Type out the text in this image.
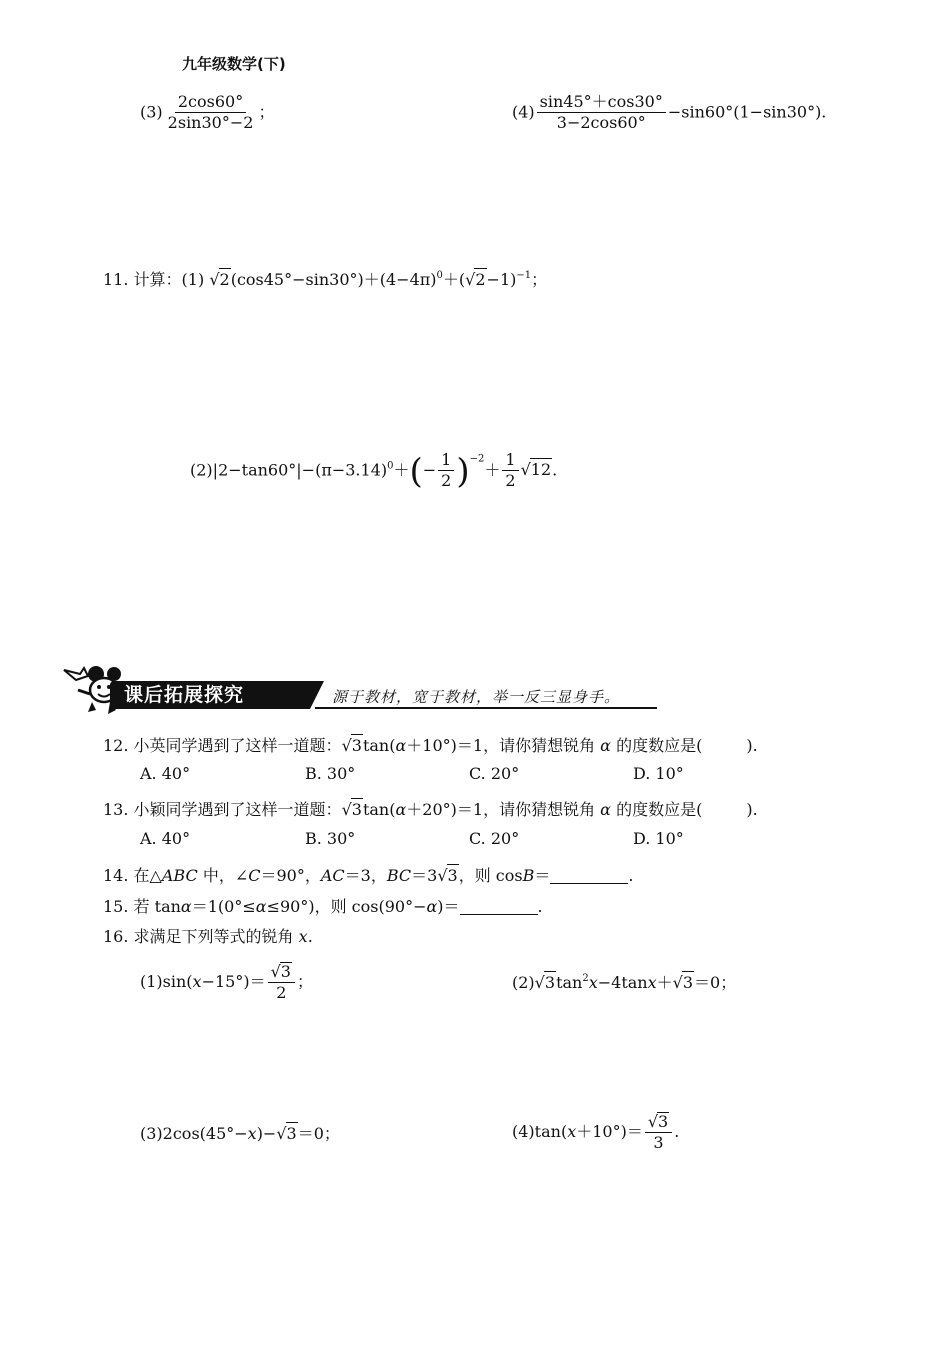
九年级数学(下)
$(3) \frac{2\cos 60^\circ}{2\sin 30^\circ-2}$ ；	$(4) \frac{\sin 45^\circ+\cos 30^\circ}{3-2\cos 60^\circ} -\sin 60^\circ(1-\sin 30^\circ)$.
11. 计算：(1) $√2(\cos 45^\circ-\sin 30^\circ)+(4-4\pi)^0+(√2-1)^{-1}$；
$(2)|2-\tan 60^\circ|-(\pi-3.14)^0+(- \frac{1}{2} )^{-2}+ \frac{1}{2} √12$.
课后拓展探究	源于教材，宽于教材，举一反三显身手。
12. 小英同学遇到了这样一道题：√3tan(α＋10°)＝1，请你猜想锐角 α 的度数应是(	).
A. 40°	B. 30°	C. 20°	D. 10°
13. 小颖同学遇到了这样一道题：√3tan(α＋20°)＝1，请你猜想锐角 α 的度数应是(	).
A. 40°	B. 30°	C. 20°	D. 10°
14. 在△ABC 中，∠C＝90°，AC＝3，BC＝3√3，则 cosB＝	.
15. 若 tanα＝1(0°≤α≤90°)，则 cos(90°−α)＝	.
16. 求满足下列等式的锐角 x.
$(1)\sin(x-15^\circ)= \frac{√3}{2}$ ；	$(2)√3\tan^2x-4\tan x+√3=0$；
(3)2cos(45°−x)−√3＝0；	$(4)\tan(x+10^\circ)= \frac{√3}{3}$ .
